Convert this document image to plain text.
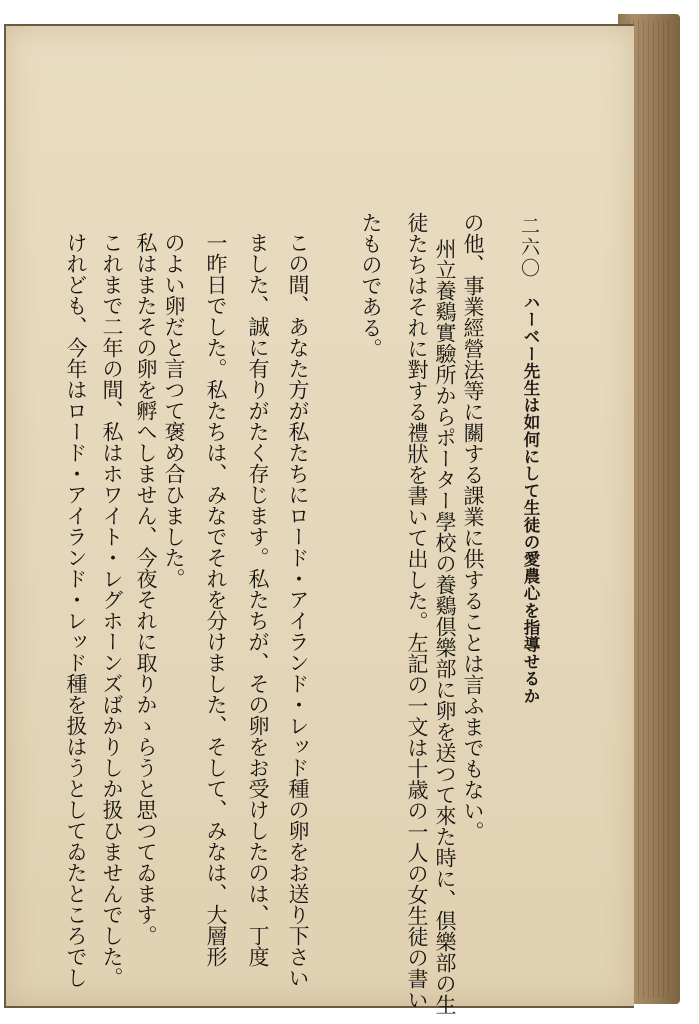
二六〇
ハーベー先生は如何にして生徒の愛農心を指導せるか
の他、事業經營法等に關する課業に供することは言ふまでもない。
州立養鷄實驗所からポーター學校の養鷄倶樂部に卵を送つて來た時に、倶樂部の生
徒たちはそれに對する禮狀を書いて出した。左記の一文は十歳の一人の女生徒の書い
たものである。
この間、あなた方が私たちにロード・アイランド・レッド種の卵をお送り下さい
ました、誠に有りがたく存じます。私たちが、その卵をお受けしたのは、丁度
一昨日でした。私たちは、みなでそれを分けました、そして、みなは、大層形
のよい卵だと言つて褒め合ひました。
私はまたその卵を孵へしません、今夜それに取りかゝらうと思つてゐます。
これまで二年の間、私はホワイト・レグホーンズばかりしか扱ひませんでした。
けれども、今年はロード・アイランド・レッド種を扱はうとしてゐたところでし
